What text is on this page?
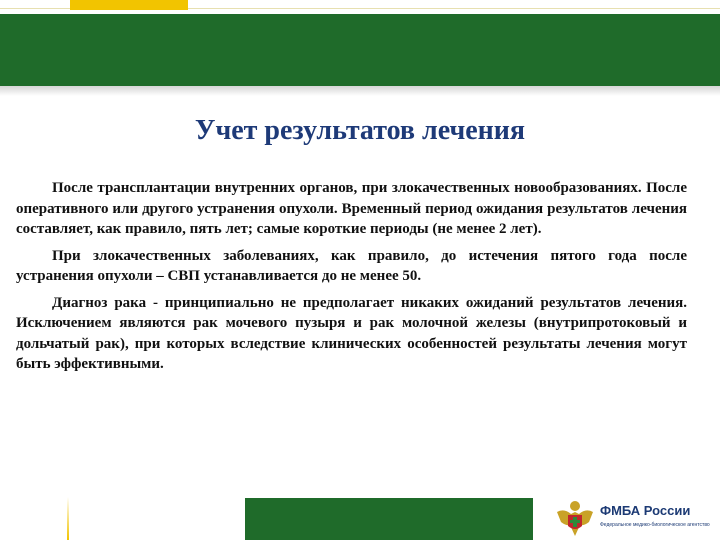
Учет результатов лечения

После трансплантации внутренних органов, при злокачественных новообразованиях. После оперативного или другого устранения опухоли. Временный период ожидания результатов лечения составляет, как правило, пять лет; самые короткие периоды (не менее 2 лет).

При злокачественных заболеваниях, как правило, до истечения пятого года после устранения опухоли – СВП устанавливается до не менее 50.

Диагноз рака - принципиально не предполагает никаких ожиданий результатов лечения. Исключением являются рак мочевого пузыря и рак молочной железы (внутрипротоковый и дольчатый рак), при которых вследствие клинических особенностей результаты лечения могут быть эффективными.

ФМБА России
Федеральное медико-биологическое агентство
